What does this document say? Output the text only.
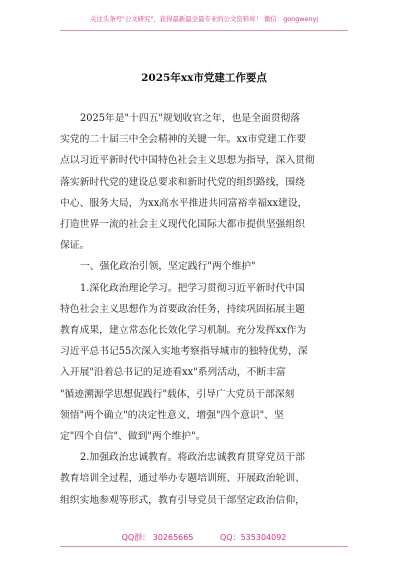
关注头条号"公文研究"，获得最新最全最专业的公文资料库！ 微信：gongwenyj
2025年xx市党建工作要点

2025年是"十四五"规划收官之年，也是全面贯彻落
实党的二十届三中全会精神的关键一年。xx市党建工作要
点以习近平新时代中国特色社会主义思想为指导，深入贯彻
落实新时代党的建设总要求和新时代党的组织路线，围绕
中心、服务大局，为xx高水平推进共同富裕幸福xx建设，
打造世界一流的社会主义现代化国际大都市提供坚强组织
保证。

一、强化政治引领，坚定践行"两个维护"

1.深化政治理论学习。把学习贯彻习近平新时代中国
特色社会主义思想作为首要政治任务，持续巩固拓展主题
教育成果，建立常态化长效化学习机制。充分发挥xx作为
习近平总书记55次深入实地考察指导城市的独特优势，深
入开展"沿着总书记的足迹看xx"系列活动，不断丰富
"循迹溯源学思想促践行"载体，引导广大党员干部深刻
领悟"两个确立"的决定性意义，增强"四个意识"、坚
定"四个自信"、做到"两个维护"。

2.加强政治忠诚教育。将政治忠诚教育贯穿党员干部
教育培训全过程，通过举办专题培训班、开展政治轮训、
组织实地参观等形式，教育引导党员干部坚定政治信仰，

QQ群： 30265665	QQ：535304092
